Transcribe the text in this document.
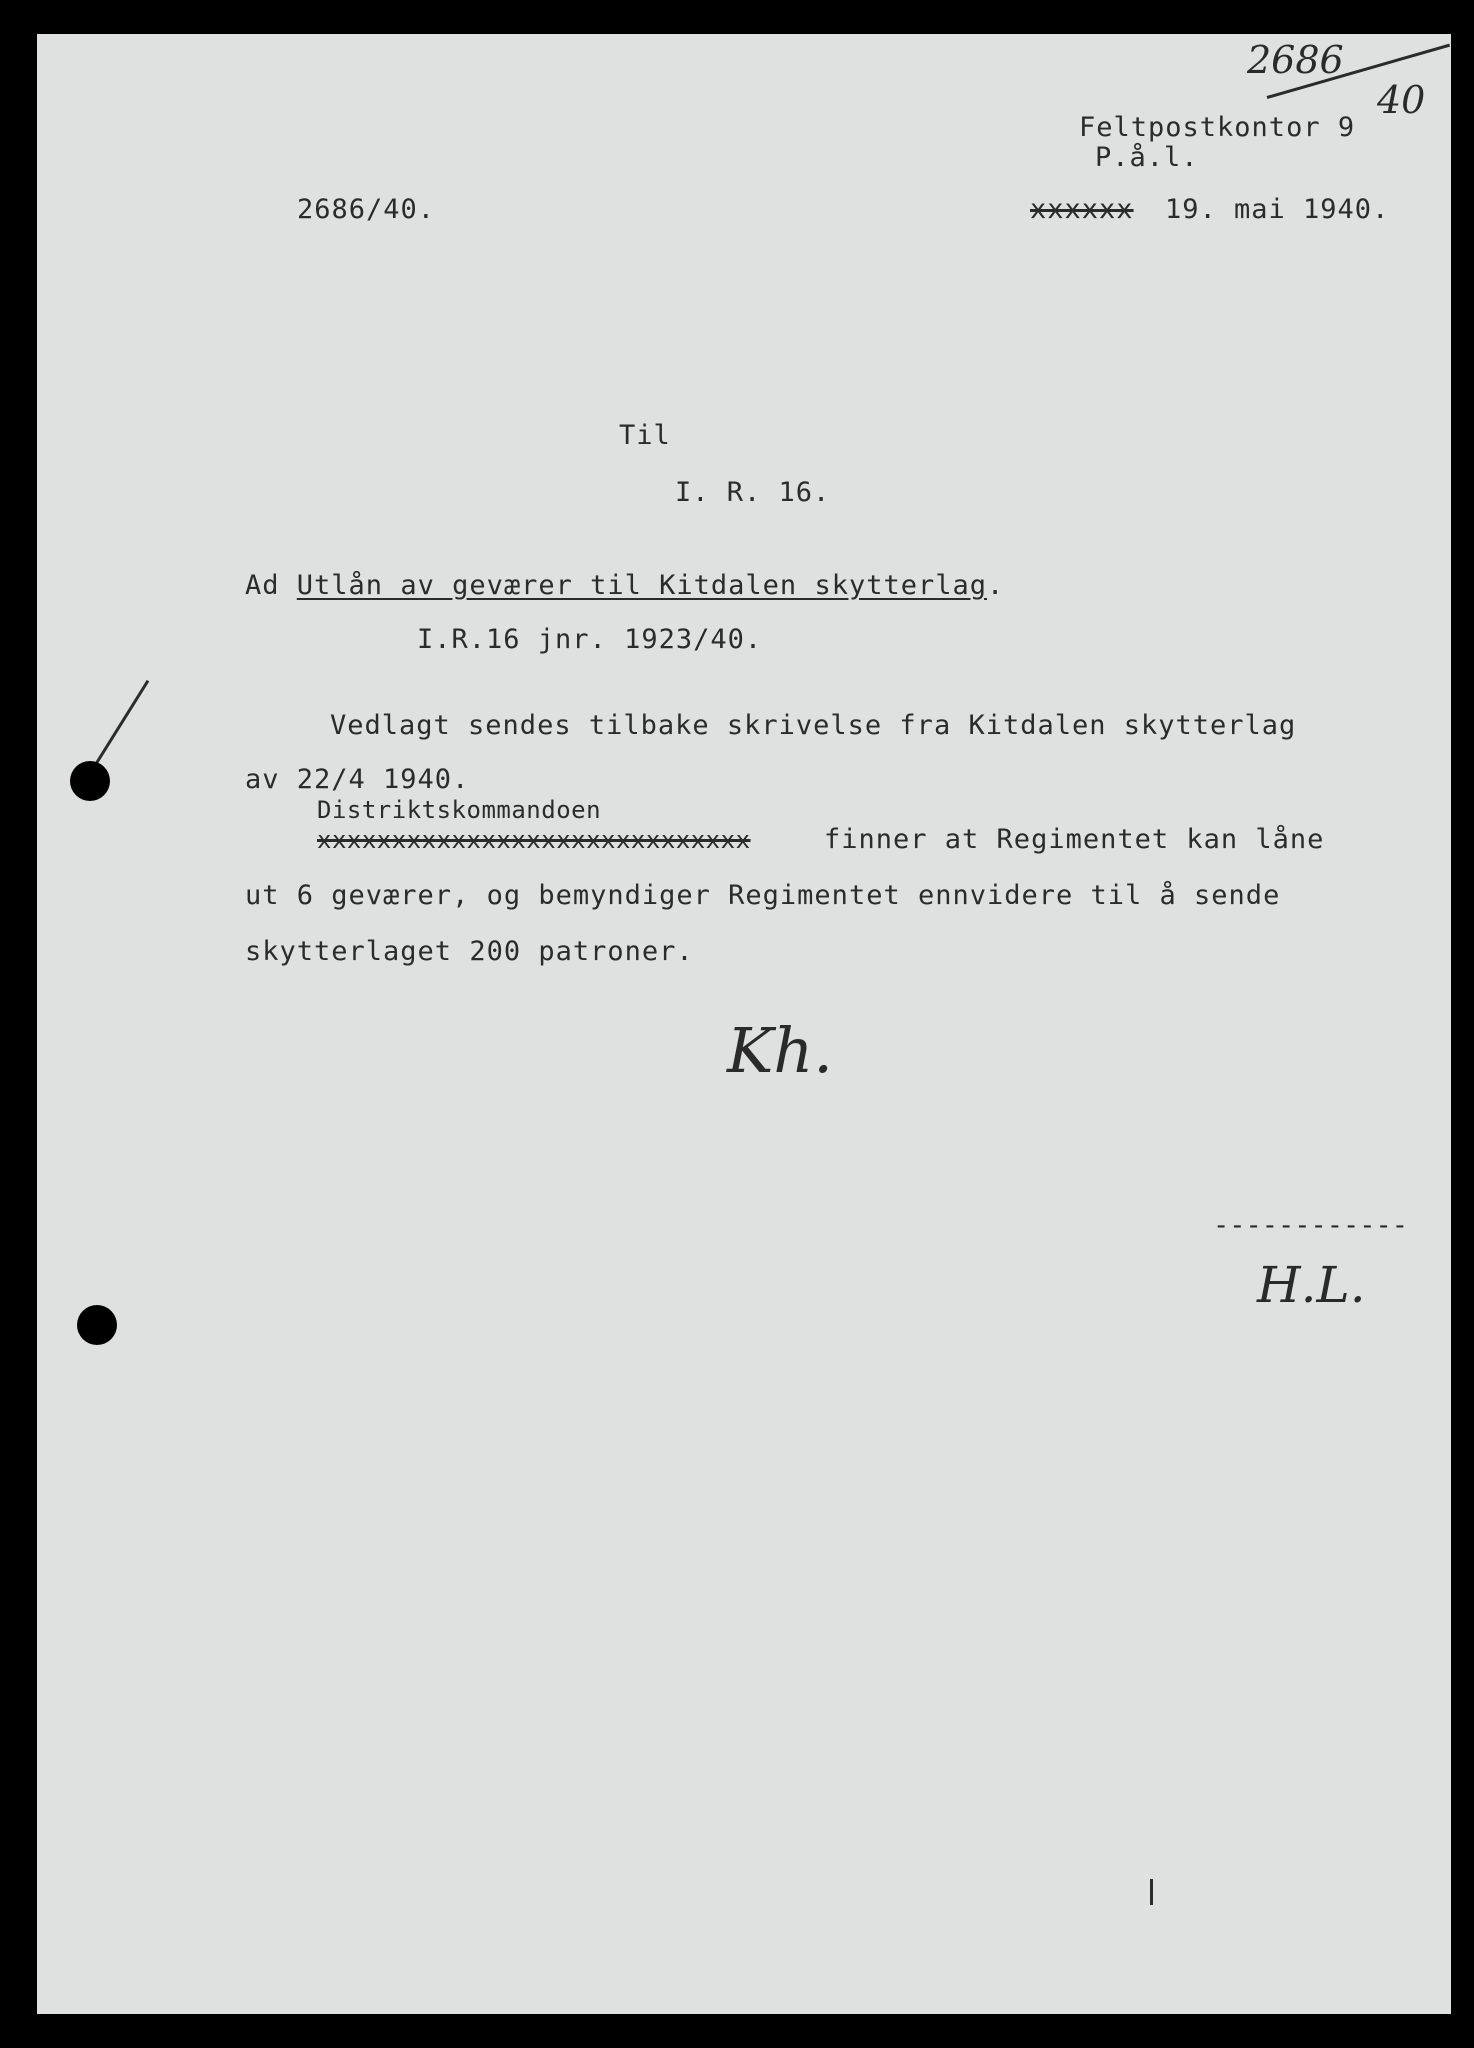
2686
40
Feltpostkontor 9
P.å.l.
2686/40.	xxxxxx 19. mai 1940.
Til
I. R. 16.
Ad Utlån av geværer til Kitdalen skytterlag.
I.R.16 jnr. 1923/40.
Vedlagt sendes tilbake skrivelse fra Kitdalen skytterlag
av 22/4 1940.
Distriktskommandoen
xxxxxxxxxxxxxxxxxxxxxxxxxxxxx	finner at Regimentet kan låne
ut 6 geværer, og bemyndiger Regimentet ennvidere til å sende
skytterlaget 200 patroner.
Kh.
------------
H.L.
